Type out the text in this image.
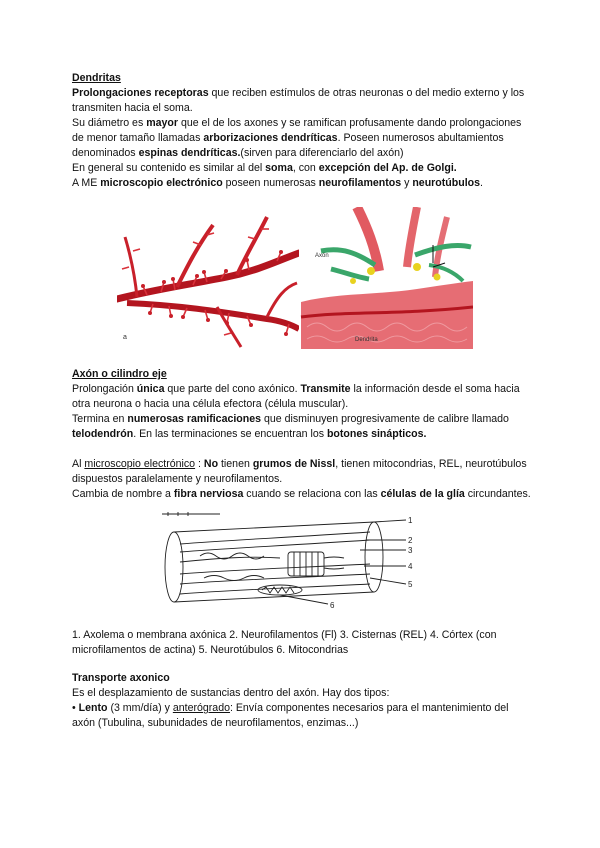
Dendritas

Prolongaciones receptoras que reciben estímulos de otras neuronas o del medio externo y los transmiten hacia el soma.

Su diámetro es mayor que el de los axones y se ramifican profusamente dando prolongaciones de menor tamaño llamadas arborizaciones dendríticas. Poseen numerosos abultamientos denominados espinas dendríticas.(sirven para diferenciarlo del axón)

En general su contenido es similar al del soma, con excepción del Ap. de Golgi.

A ME microscopio electrónico poseen numerosas neurofilamentos y neurotúbulos.

a
Axón
Dendrita

Axón o cilindro eje

Prolongación única que parte del cono axónico. Transmite la información desde el soma hacia otra neurona o hacia una célula efectora (célula muscular).

Termina en numerosas ramificaciones que disminuyen progresivamente de calibre llamado telodendrón. En las terminaciones se encuentran los botones sinápticos.

Al microscopio electrónico : No tienen grumos de Nissl, tienen mitocondrias, REL, neurotúbulos dispuestos paralelamente y neurofilamentos.

Cambia de nombre a fibra nerviosa cuando se relaciona con las células de la glía circundantes.

1
2
3
4
5
6

1. Axolema o membrana axónica 2. Neurofilamentos (Fl) 3. Cisternas (REL) 4. Córtex (con microfilamentos de actina) 5. Neurotúbulos 6. Mitocondrias

Transporte axonico

Es el desplazamiento de sustancias dentro del axón. Hay dos tipos:

• Lento (3 mm/día) y anterógrado: Envía componentes necesarios para el mantenimiento del axón (Tubulina, subunidades de neurofilamentos, enzimas...)
